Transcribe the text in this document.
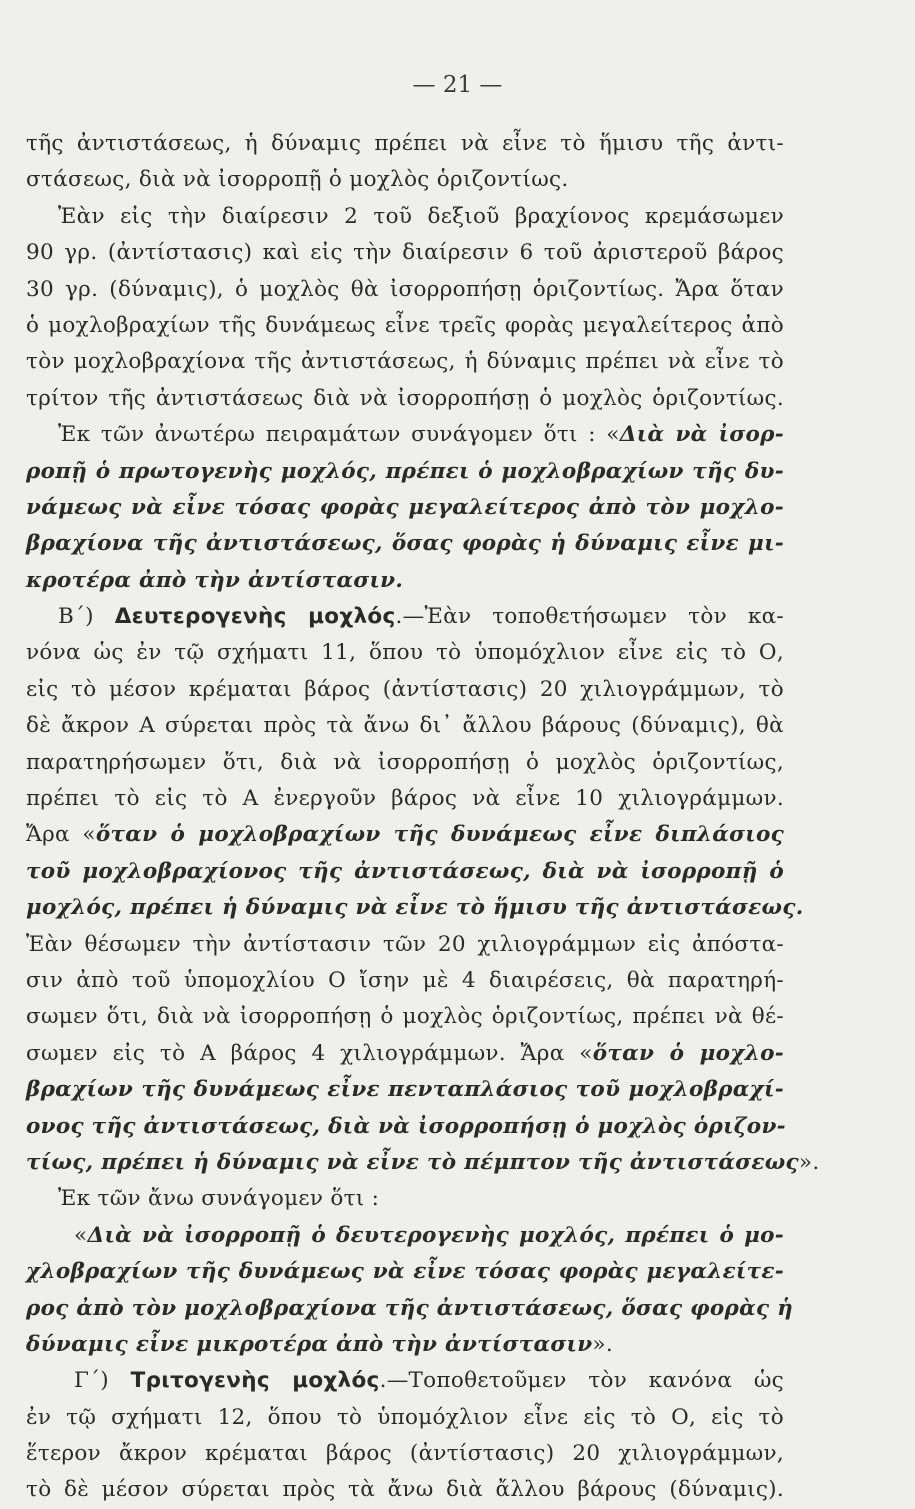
— 21 —
τῆς ἀντιστάσεως, ἡ δύναμις πρέπει νὰ εἶνε τὸ ἥμισυ τῆς ἀντι-
στάσεως, διὰ νὰ ἰσορροπῇ ὁ μοχλὸς ὁριζοντίως.
Ἐὰν εἰς τὴν διαίρεσιν 2 τοῦ δεξιοῦ βραχίονος κρεμάσωμεν
90 γρ. (ἀντίστασις) καὶ εἰς τὴν διαίρεσιν 6 τοῦ ἀριστεροῦ βάρος
30 γρ. (δύναμις), ὁ μοχλὸς θὰ ἰσορροπήσῃ ὁριζοντίως. Ἄρα ὅταν
ὁ μοχλοβραχίων τῆς δυνάμεως εἶνε τρεῖς φορὰς μεγαλείτερος ἀπὸ
τὸν μοχλοβραχίονα τῆς ἀντιστάσεως, ἡ δύναμις πρέπει νὰ εἶνε τὸ
τρίτον τῆς ἀντιστάσεως διὰ νὰ ἰσορροπήσῃ ὁ μοχλὸς ὁριζοντίως.
Ἐκ τῶν ἀνωτέρω πειραμάτων συνάγομεν ὅτι : «Διὰ νὰ ἰσορ-
ροπῇ ὁ πρωτογενὴς μοχλός, πρέπει ὁ μοχλοβραχίων τῆς δυ-
νάμεως νὰ εἶνε τόσας φορὰς μεγαλείτερος ἀπὸ τὸν μοχλο-
βραχίονα τῆς ἀντιστάσεως, ὅσας φορὰς ἡ δύναμις εἶνε μι-
κροτέρα ἀπὸ τὴν ἀντίστασιν.
Β΄) Δευτερογενὴς μοχλός.—Ἐὰν τοποθετήσωμεν τὸν κα-
νόνα ὡς ἐν τῷ σχήματι 11, ὅπου τὸ ὑπομόχλιον εἶνε εἰς τὸ Ο,
εἰς τὸ μέσον κρέμαται βάρος (ἀντίστασις) 20 χιλιογράμμων, τὸ
δὲ ἄκρον Α σύρεται πρὸς τὰ ἄνω δι᾿ ἄλλου βάρους (δύναμις), θὰ
παρατηρήσωμεν ὅτι, διὰ νὰ ἰσορροπήσῃ ὁ μοχλὸς ὁριζοντίως,
πρέπει τὸ εἰς τὸ Α ἐνεργοῦν βάρος νὰ εἶνε 10 χιλιογράμμων.
Ἄρα «ὅταν ὁ μοχλοβραχίων τῆς δυνάμεως εἶνε διπλάσιος
τοῦ μοχλοβραχίονος τῆς ἀντιστάσεως, διὰ νὰ ἰσορροπῇ ὁ
μοχλός, πρέπει ἡ δύναμις νὰ εἶνε τὸ ἥμισυ τῆς ἀντιστάσεως.
Ἐὰν θέσωμεν τὴν ἀντίστασιν τῶν 20 χιλιογράμμων εἰς ἀπόστα-
σιν ἀπὸ τοῦ ὑπομοχλίου Ο ἴσην μὲ 4 διαιρέσεις, θὰ παρατηρή-
σωμεν ὅτι, διὰ νὰ ἰσορροπήσῃ ὁ μοχλὸς ὁριζοντίως, πρέπει νὰ θέ-
σωμεν εἰς τὸ Α βάρος 4 χιλιογράμμων. Ἄρα «ὅταν ὁ μοχλο-
βραχίων τῆς δυνάμεως εἶνε πενταπλάσιος τοῦ μοχλοβραχί-
ονος τῆς ἀντιστάσεως, διὰ νὰ ἰσορροπήσῃ ὁ μοχλὸς ὁριζον-
τίως, πρέπει ἡ δύναμις νὰ εἶνε τὸ πέμπτον τῆς ἀντιστάσεως».
Ἐκ τῶν ἄνω συνάγομεν ὅτι :
«Διὰ νὰ ἰσορροπῇ ὁ δευτερογενὴς μοχλός, πρέπει ὁ μο-
χλοβραχίων τῆς δυνάμεως νὰ εἶνε τόσας φορὰς μεγαλείτε-
ρος ἀπὸ τὸν μοχλοβραχίονα τῆς ἀντιστάσεως, ὅσας φορὰς ἡ
δύναμις εἶνε μικροτέρα ἀπὸ τὴν ἀντίστασιν».
Γ΄) Τριτογενὴς μοχλός.—Τοποθετοῦμεν τὸν κανόνα ὡς
ἐν τῷ σχήματι 12, ὅπου τὸ ὑπομόχλιον εἶνε εἰς τὸ Ο, εἰς τὸ
ἕτερον ἄκρον κρέμαται βάρος (ἀντίστασις) 20 χιλιογράμμων,
τὸ δὲ μέσον σύρεται πρὸς τὰ ἄνω διὰ ἄλλου βάρους (δύναμις).
